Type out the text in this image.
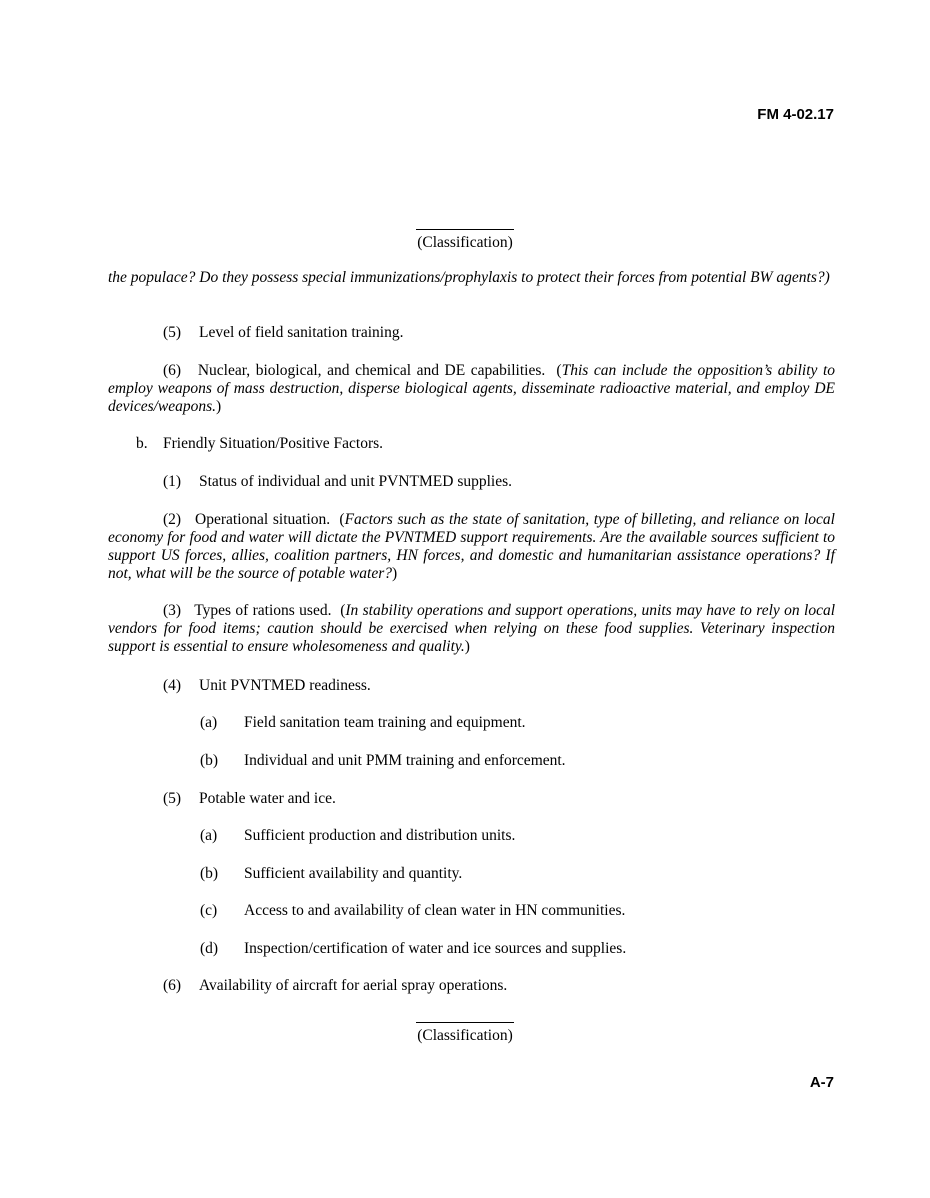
FM 4-02.17
(Classification)

the populace? Do they possess special immunizations/prophylaxis to protect their forces from potential BW agents?)

(5) Level of field sanitation training.

(6) Nuclear, biological, and chemical and DE capabilities.  (This can include the opposition’s ability to employ weapons of mass destruction, disperse biological agents, disseminate radioactive material, and employ DE devices/weapons.)

b. Friendly Situation/Positive Factors.
(1) Status of individual and unit PVNTMED supplies.

(2) Operational situation.  (Factors such as the state of sanitation, type of billeting, and reliance on local economy for food and water will dictate the PVNTMED support requirements. Are the available sources sufficient to support US forces, allies, coalition partners, HN forces, and domestic and humanitarian assistance operations? If not, what will be the source of potable water?)

(3) Types of rations used.  (In stability operations and support operations, units may have to rely on local vendors for food items; caution should be exercised when relying on these food supplies. Veterinary inspection support is essential to ensure wholesomeness and quality.)

(4) Unit PVNTMED readiness.
(a) Field sanitation team training and equipment.
(b) Individual and unit PMM training and enforcement.
(5) Potable water and ice.
(a) Sufficient production and distribution units.
(b) Sufficient availability and quantity.
(c) Access to and availability of clean water in HN communities.
(d) Inspection/certification of water and ice sources and supplies.
(6) Availability of aircraft for aerial spray operations.
(Classification)
A-7
